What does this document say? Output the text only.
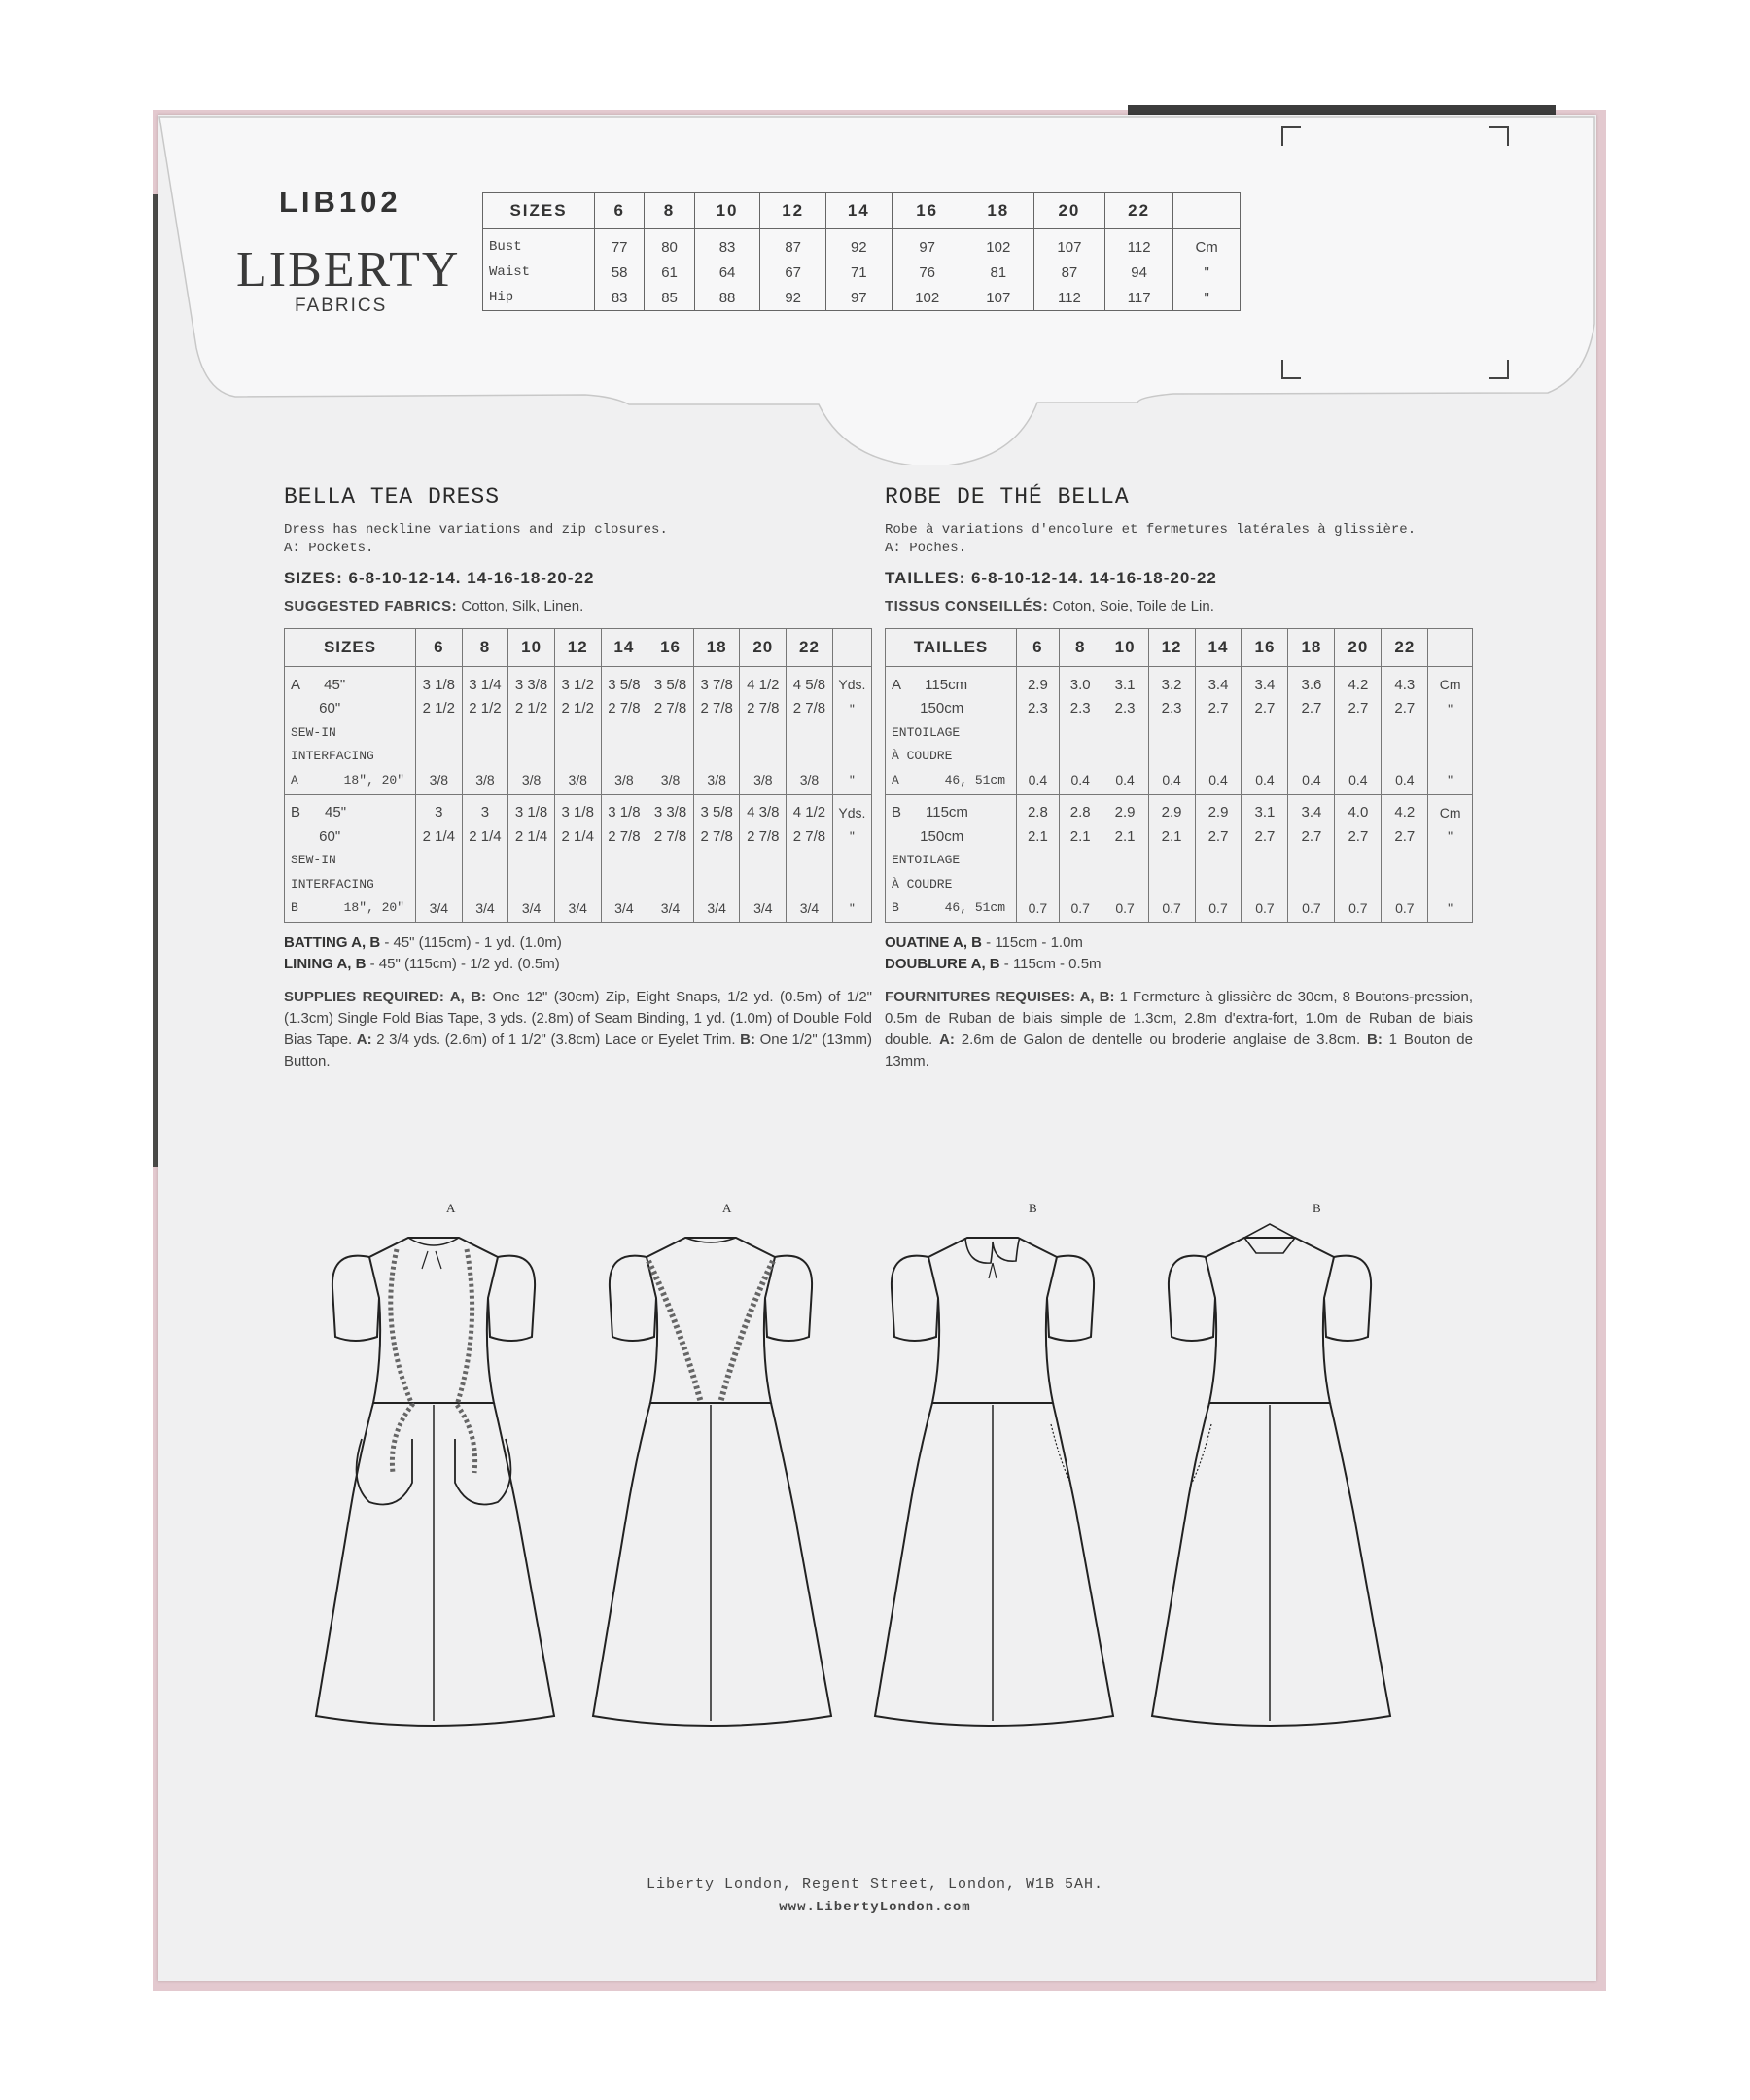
LIB102
LIBERTY
FABRICS
SIZES	6	8	10	12	14	16	18	20	22	
Bust	77	80	83	87	92	97	102	107	112	Cm
Waist	58	61	64	67	71	76	81	87	94	"
Hip	83	85	88	92	97	102	107	112	117	"
BELLA TEA DRESS
Dress has neckline variations and zip closures.
A: Pockets.
SIZES: 6-8-10-12-14. 14-16-18-20-22
SUGGESTED FABRICS: Cotton, Silk, Linen.
SIZES	6	8	10	12	14	16	18	20	22	
A      45"	3 1/8	3 1/4	3 3/8	3 1/2	3 5/8	3 5/8	3 7/8	4 1/2	4 5/8	Yds.
60"	2 1/2	2 1/2	2 1/2	2 1/2	2 7/8	2 7/8	2 7/8	2 7/8	2 7/8	"
SEW-IN										
INTERFACING										
A      18", 20"	3/8	3/8	3/8	3/8	3/8	3/8	3/8	3/8	3/8	"
B      45"	3	3	3 1/8	3 1/8	3 1/8	3 3/8	3 5/8	4 3/8	4 1/2	Yds.
60"	2 1/4	2 1/4	2 1/4	2 1/4	2 7/8	2 7/8	2 7/8	2 7/8	2 7/8	"
SEW-IN										
INTERFACING										
B      18", 20"	3/4	3/4	3/4	3/4	3/4	3/4	3/4	3/4	3/4	"
BATTING A, B - 45" (115cm) - 1 yd. (1.0m)
LINING A, B - 45" (115cm) - 1/2 yd. (0.5m)
SUPPLIES REQUIRED: A, B: One 12" (30cm) Zip, Eight Snaps, 1/2 yd. (0.5m) of 1/2" (1.3cm) Single Fold Bias Tape, 3 yds. (2.8m) of Seam Binding, 1 yd. (1.0m) of Double Fold Bias Tape. A: 2 3/4 yds. (2.6m) of 1 1/2" (3.8cm) Lace or Eyelet Trim. B: One 1/2" (13mm) Button.
ROBE DE THÉ BELLA
Robe à variations d'encolure et fermetures latérales à glissière.
A: Poches.
TAILLES: 6-8-10-12-14. 14-16-18-20-22
TISSUS CONSEILLÉS: Coton, Soie, Toile de Lin.
TAILLES	6	8	10	12	14	16	18	20	22	
A      115cm	2.9	3.0	3.1	3.2	3.4	3.4	3.6	4.2	4.3	Cm
150cm	2.3	2.3	2.3	2.3	2.7	2.7	2.7	2.7	2.7	"
ENTOILAGE										
À COUDRE										
A      46, 51cm	0.4	0.4	0.4	0.4	0.4	0.4	0.4	0.4	0.4	"
B      115cm	2.8	2.8	2.9	2.9	2.9	3.1	3.4	4.0	4.2	Cm
150cm	2.1	2.1	2.1	2.1	2.7	2.7	2.7	2.7	2.7	"
ENTOILAGE										
À COUDRE										
B      46, 51cm	0.7	0.7	0.7	0.7	0.7	0.7	0.7	0.7	0.7	"
OUATINE A, B - 115cm - 1.0m
DOUBLURE A, B - 115cm - 0.5m
FOURNITURES REQUISES: A, B: 1 Fermeture à glissière de 30cm, 8 Boutons-pression, 0.5m de Ruban de biais simple de 1.3cm, 2.8m d'extra-fort, 1.0m de Ruban de biais double. A: 2.6m de Galon de dentelle ou broderie anglaise de 3.8cm. B: 1 Bouton de 13mm.
A	A	B	B
Liberty London, Regent Street, London, W1B 5AH.
www.LibertyLondon.com
